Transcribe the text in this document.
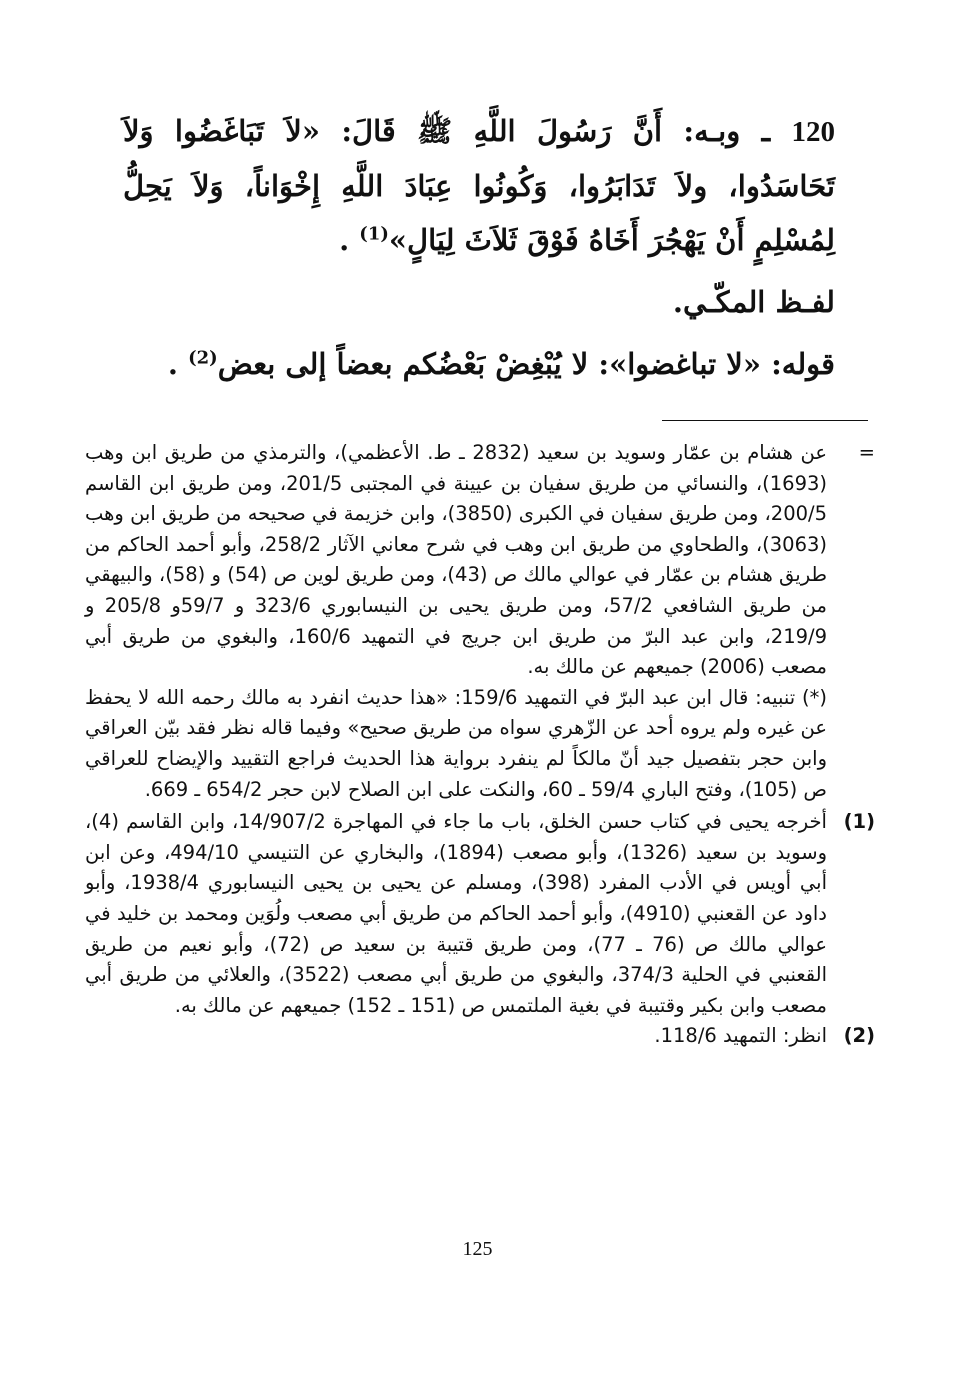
120 ـ وبـه: أَنَّ رَسُولَ اللَّهِ ﷺ قَالَ: «لاَ تَبَاغَضُوا وَلاَ تَحَاسَدُوا، ولاَ تَدَابَرُوا، وَكُونُوا عِبَادَ اللَّهِ إِخْوَاناً، وَلاَ يَحِلُّ لِمُسْلِمٍ أَنْ يَهْجُرَ أَخَاهُ فَوْقَ ثَلاَثَ لِيَالٍ»$^{(1)}$ .

لفـظ المكّـي.

قوله: «لا تباغضوا»: لا يُبْغِضْ بَعْضُكم بعضاً إلى بعض$^{(2)}$ .

=
عن هشام بن عمّار وسويد بن سعيد (2832 ـ ط. الأعظمي)، والترمذي من طريق ابن وهب (1693)، والنسائي من طريق سفيان بن عيينة في المجتبى 201/5، ومن طريق ابن القاسم 200/5، ومن طريق سفيان في الكبرى (3850)، وابن خزيمة في صحيحه من طريق ابن وهب (3063)، والطحاوي من طريق ابن وهب في شرح معاني الآثار 258/2، وأبو أحمد الحاكم من طريق هشام بن عمّار في عوالي مالك ص (43)، ومن طريق لوين ص (54) و (58)، والبيهقي من طريق الشافعي 57/2، ومن طريق يحيى بن النيسابوري 323/6 و 59/7و 205/8 و 219/9، وابن عبد البرّ من طريق ابن جريج في التمهيد 160/6، والبغوي من طريق أبي مصعب (2006) جميعهم عن مالك به.

(*) تنبيه: قال ابن عبد البرّ في التمهيد 159/6: «هذا حديث انفرد به مالك رحمه الله لا يحفظ عن غيره ولم يروه أحد عن الزّهري سواه من طريق صحيح» وفيما قاله نظر فقد بيّن العراقي وابن حجر بتفصيل جيد أنّ مالكاً لم ينفرد برواية هذا الحديث فراجع التقييد والإيضاح للعراقي ص (105)، وفتح الباري 59/4 ـ 60، والنكت على ابن الصلاح لابن حجر 654/2 ـ 669.

(1)
أخرجه يحيى في كتاب حسن الخلق، باب ما جاء في المهاجرة 14/907/2، وابن القاسم (4)، وسويد بن سعيد (1326)، وأبو مصعب (1894)، والبخاري عن التنيسي 494/10، وعن ابن أبي أويس في الأدب المفرد (398)، ومسلم عن يحيى بن يحيى النيسابوري 1938/4، وأبو داود عن القعنبي (4910)، وأبو أحمد الحاكم من طريق أبي مصعب ولُوَين ومحمد بن خليد في عوالي مالك ص (76 ـ 77)، ومن طريق قتيبة بن سعيد ص (72)، وأبو نعيم من طريق القعنبي في الحلية 374/3، والبغوي من طريق أبي مصعب (3522)، والعلائي من طريق أبي مصعب وابن بكير وقتيبة في بغية الملتمس ص (151 ـ 152) جميعهم عن مالك به.

(2)
انظر: التمهيد 118/6.

125
